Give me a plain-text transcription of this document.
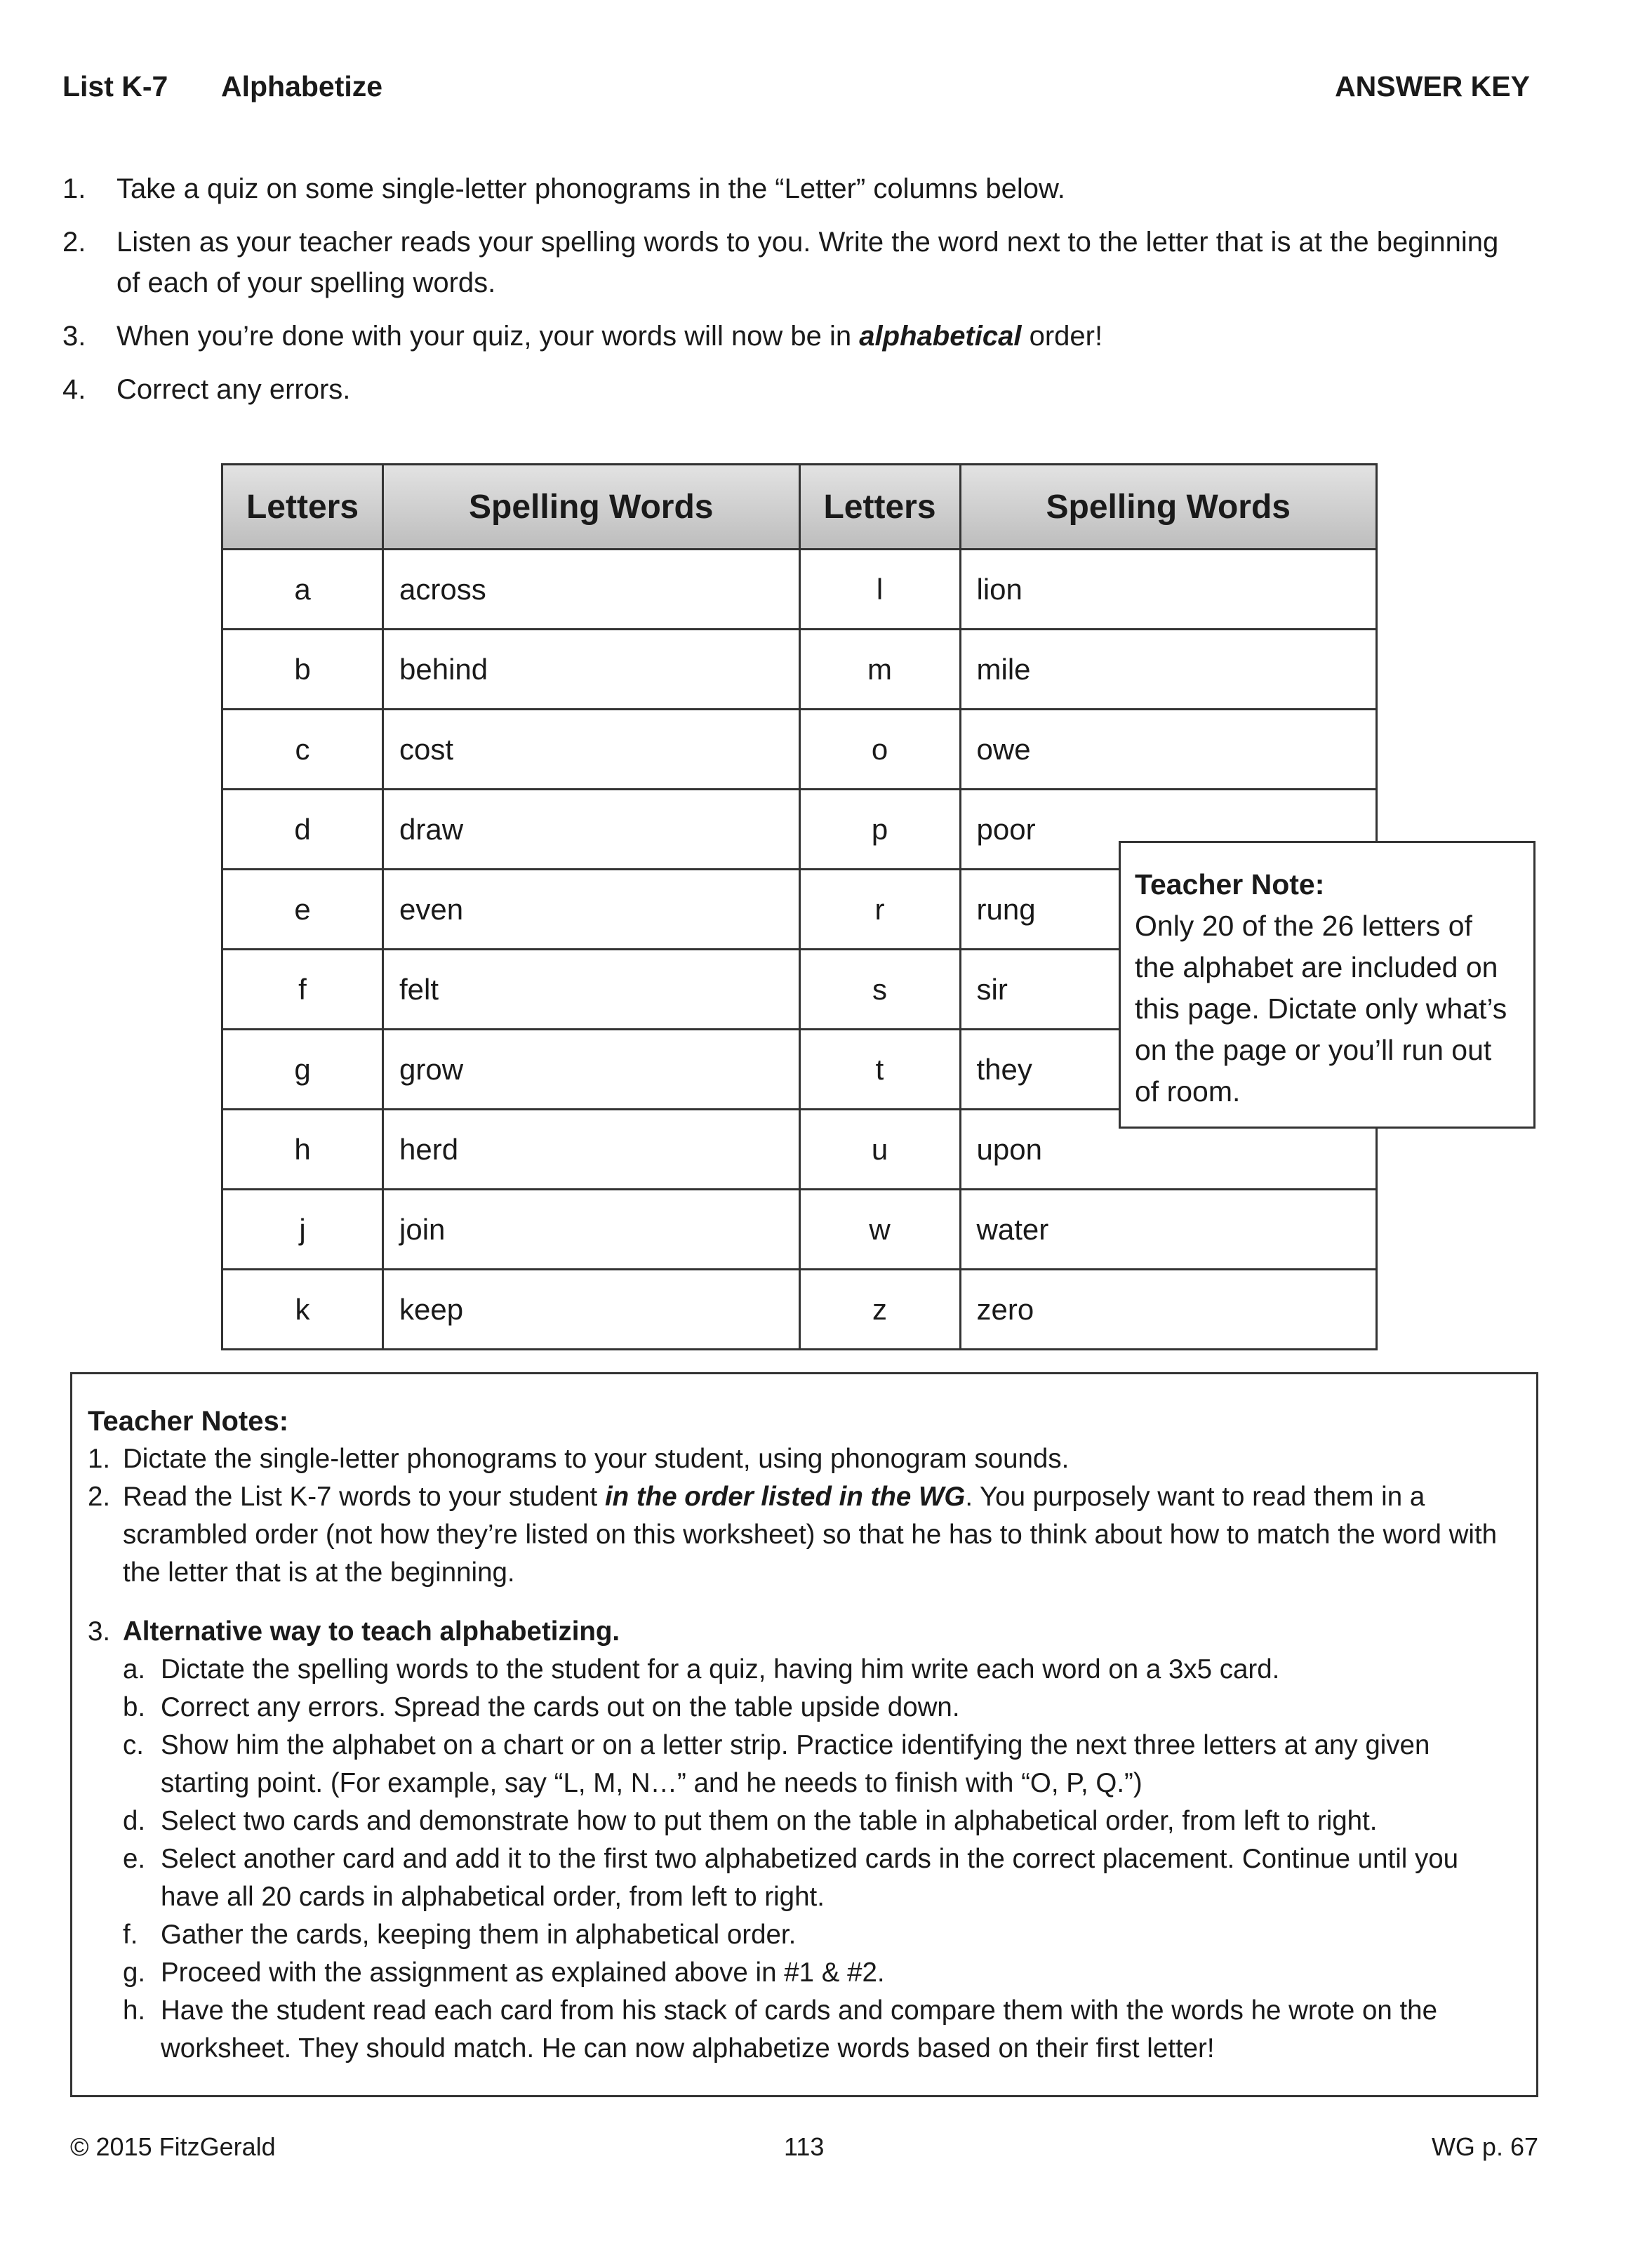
List K-7 Alphabetize	ANSWER KEY
1. Take a quiz on some single-letter phonograms in the “Letter” columns below.
2. Listen as your teacher reads your spelling words to you. Write the word next to the letter that is at the beginning of each of your spelling words.
3. When you’re done with your quiz, your words will now be in alphabetical order!
4. Correct any errors.
Letters	Spelling Words	Letters	Spelling Words
a	across	l	lion
b	behind	m	mile
c	cost	o	owe
d	draw	p	poor
e	even	r	rung
f	felt	s	sir
g	grow	t	they
h	herd	u	upon
j	join	w	water
k	keep	z	zero
Teacher Note:
Only 20 of the 26 letters of the alphabet are included on this page. Dictate only what’s on the page or you’ll run out of room.
Teacher Notes:
1. Dictate the single-letter phonograms to your student, using phonogram sounds.
2. Read the List K-7 words to your student in the order listed in the WG. You purposely want to read them in a scrambled order (not how they’re listed on this worksheet) so that he has to think about how to match the word with the letter that is at the beginning.
3. Alternative way to teach alphabetizing.
a. Dictate the spelling words to the student for a quiz, having him write each word on a 3x5 card.
b. Correct any errors. Spread the cards out on the table upside down.
c. Show him the alphabet on a chart or on a letter strip. Practice identifying the next three letters at any given starting point. (For example, say “L, M, N…” and he needs to finish with “O, P, Q.”)
d. Select two cards and demonstrate how to put them on the table in alphabetical order, from left to right.
e. Select another card and add it to the first two alphabetized cards in the correct placement. Continue until you have all 20 cards in alphabetical order, from left to right.
f. Gather the cards, keeping them in alphabetical order.
g. Proceed with the assignment as explained above in #1 & #2.
h. Have the student read each card from his stack of cards and compare them with the words he wrote on the worksheet. They should match. He can now alphabetize words based on their first letter!
© 2015 FitzGerald	113	WG p. 67
